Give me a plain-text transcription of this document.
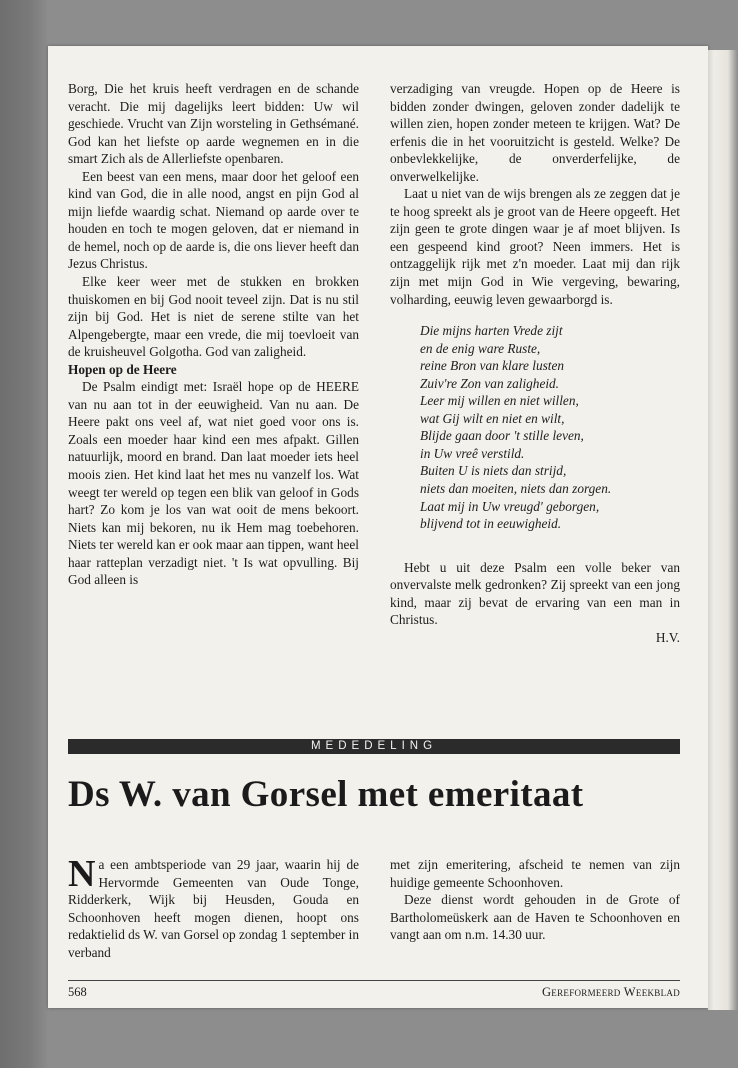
Borg, Die het kruis heeft verdragen en de schande veracht. Die mij dagelijks leert bidden: Uw wil geschiede. Vrucht van Zijn worsteling in Gethsémané. God kan het liefste op aarde wegnemen en in die smart Zich als de Allerliefste openbaren.

Een beest van een mens, maar door het geloof een kind van God, die in alle nood, angst en pijn God al mijn liefde waardig schat. Niemand op aarde over te houden en toch te mogen geloven, dat er niemand in de hemel, noch op de aarde is, die ons liever heeft dan Jezus Christus.

Elke keer weer met de stukken en brokken thuiskomen en bij God nooit teveel zijn. Dat is nu stil zijn bij God. Het is niet de serene stilte van het Alpengebergte, maar een vrede, die mij toevloeit van de kruisheuvel Golgotha. God van zaligheid.

Hopen op de Heere

De Psalm eindigt met: Israël hope op de HEERE van nu aan tot in der eeuwigheid. Van nu aan. De Heere pakt ons veel af, wat niet goed voor ons is. Zoals een moeder haar kind een mes afpakt. Gillen natuurlijk, moord en brand. Dan laat moeder iets heel moois zien. Het kind laat het mes nu vanzelf los. Wat weegt ter wereld op tegen een blik van geloof in Gods hart? Zo kom je los van wat ooit de mens bekoort. Niets kan mij bekoren, nu ik Hem mag toebehoren. Niets ter wereld kan er ook maar aan tippen, want heel haar ratteplan verzadigt niet. 't Is wat opvulling. Bij God alleen is

verzadiging van vreugde. Hopen op de Heere is bidden zonder dwingen, geloven zonder dadelijk te willen zien, hopen zonder meteen te krijgen. Wat? De erfenis die in het vooruitzicht is gesteld. Welke? De onbevlekkelijke, de onverderfelijke, de onverwelkelijke.

Laat u niet van de wijs brengen als ze zeggen dat je te hoog spreekt als je groot van de Heere opgeeft. Het zijn geen te grote dingen waar je af moet blijven. Is een gespeend kind groot? Neen immers. Het is ontzaggelijk rijk met z'n moeder. Laat mij dan rijk zijn met mijn God in Wie vergeving, bewaring, volharding, eeuwig leven gewaarborgd is.

Die mijns harten Vrede zijt
en de enig ware Ruste,
reine Bron van klare lusten
Zuiv're Zon van zaligheid.
Leer mij willen en niet willen,
wat Gij wilt en niet en wilt,
Blijde gaan door 't stille leven,
in Uw vreê verstild.
Buiten U is niets dan strijd,
niets dan moeiten, niets dan zorgen.
Laat mij in Uw vreugd' geborgen,
blijvend tot in eeuwigheid.

Hebt u uit deze Psalm een volle beker van onvervalste melk gedronken? Zij spreekt van een jong kind, maar zij bevat de ervaring van een man in Christus.

H.V.
MEDEDELING
Ds W. van Gorsel met emeritaat

Na een ambtsperiode van 29 jaar, waarin hij de Hervormde Gemeenten van Oude Tonge, Ridderkerk, Wijk bij Heusden, Gouda en Schoonhoven heeft mogen dienen, hoopt ons redaktielid ds W. van Gorsel op zondag 1 september in verband

met zijn emeritering, afscheid te nemen van zijn huidige gemeente Schoonhoven.

Deze dienst wordt gehouden in de Grote of Bartholomeüskerk aan de Haven te Schoonhoven en vangt aan om n.m. 14.30 uur.

568	Gereformeerd Weekblad
